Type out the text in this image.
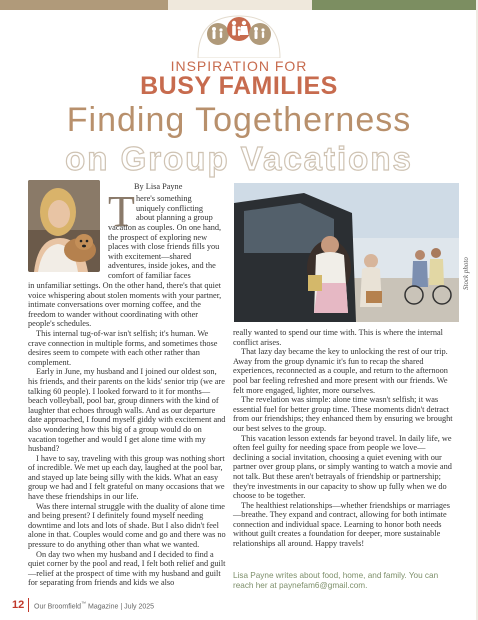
INSPIRATION FOR
BUSY FAMILIES
Finding Togetherness
on Group Vacations
By Lisa Payne
T here's something

uniquely conflicting

about planning a group

vacation as couples. On one hand, the prospect of exploring new places with close friends fills you with excitement—shared adventures, inside jokes, and the comfort of familiar faces

in unfamiliar settings. On the other hand, there's that quiet voice whispering about stolen moments with your partner, intimate conversations over morning coffee, and the freedom to wander without coordinating with other people's schedules.

This internal tug-of-war isn't selfish; it's human. We crave connection in multiple forms, and sometimes those desires seem to compete with each other rather than complement.

Early in June, my husband and I joined our oldest son, his friends, and their parents on the kids' senior trip (we are talking 60 people). I looked forward to it for months—beach volleyball, pool bar, group dinners with the kind of laughter that echoes through walls. And as our departure date approached, I found myself giddy with excitement and also wondering how this big of a group would do on vacation together and would I get alone time with my husband?

I have to say, traveling with this group was nothing short of incredible. We met up each day, laughed at the pool bar, and stayed up late being silly with the kids. What an easy group we had and I felt grateful on many occasions that we have these friendships in our life.

Was there internal struggle with the duality of alone time and being present? I definitely found myself needing downtime and lots and lots of shade. But I also didn't feel alone in that. Couples would come and go and there was no pressure to do anything other than what we wanted.

On day two when my husband and I decided to find a quiet corner by the pool and read, I felt both relief and guilt—relief at the prospect of time with my husband and guilt for separating from friends and kids we also

Stock photo

really wanted to spend our time with. This is where the internal conflict arises.

That lazy day became the key to unlocking the rest of our trip. Away from the group dynamic it's fun to recap the shared experiences, reconnected as a couple, and return to the afternoon pool bar feeling refreshed and more present with our friends. We felt more engaged, lighter, more ourselves.

The revelation was simple: alone time wasn't selfish; it was essential fuel for better group time. These moments didn't detract from our friendships; they enhanced them by ensuring we brought our best selves to the group.

This vacation lesson extends far beyond travel. In daily life, we often feel guilty for needing space from people we love—declining a social invitation, choosing a quiet evening with our partner over group plans, or simply wanting to watch a movie and not talk. But these aren't betrayals of friendship or partnership; they're investments in our capacity to show up fully when we do choose to be together.

The healthiest relationships—whether friendships or marriages—breathe. They expand and contract, allowing for both intimate connection and individual space. Learning to honor both needs without guilt creates a foundation for deeper, more sustainable relationships all around. Happy travels!

Lisa Payne writes about food, home, and family. You can
reach her at paynefam6@gmail.com.
12 Our Broomfield™ Magazine | July 2025
